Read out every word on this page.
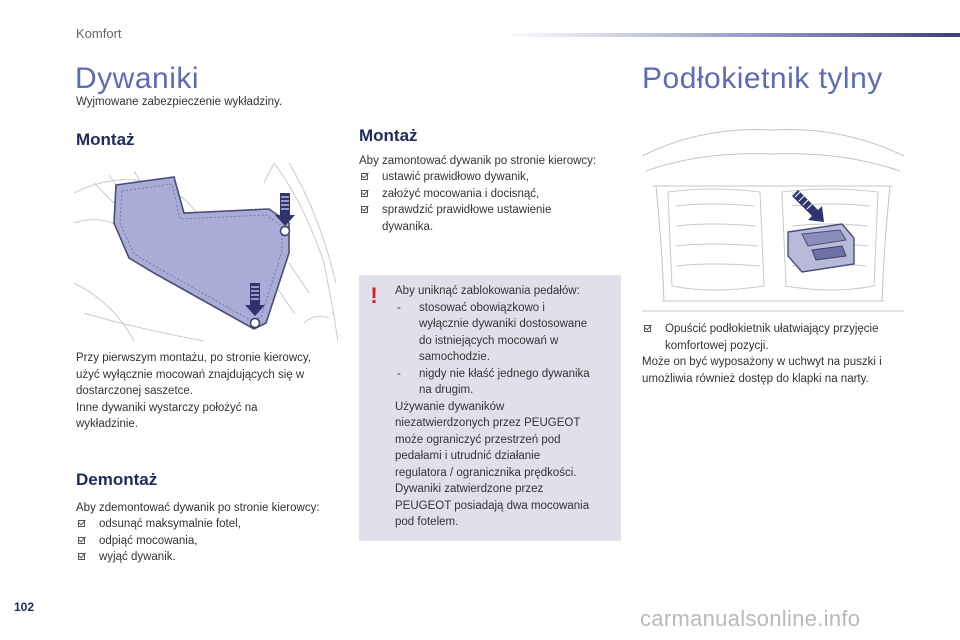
Komfort
Dywaniki
Wyjmowane zabezpieczenie wykładziny.
Montaż
Przy pierwszym montażu, po stronie kierowcy,
użyć wyłącznie mocowań znajdujących się w
dostarczonej saszetce.
Inne dywaniki wystarczy położyć na
wykładzinie.
Demontaż
Aby zdemontować dywanik po stronie kierowcy:
odsunąć maksymalnie fotel,
odpiąć mocowania,
wyjąć dywanik.
Montaż
Aby zamontować dywanik po stronie kierowcy:
ustawić prawidłowo dywanik,
założyć mocowania i docisnąć,
sprawdzić prawidłowe ustawienie
dywanika.
! Aby uniknąć zablokowania pedałów:
- stosować obowiązkowo i
wyłącznie dywaniki dostosowane
do istniejących mocowań w
samochodzie.
- nigdy nie kłaść jednego dywanika
na drugim.
Używanie dywaników
niezatwierdzonych przez PEUGEOT
może ograniczyć przestrzeń pod
pedałami i utrudnić działanie
regulatora / ogranicznika prędkości.
Dywaniki zatwierdzone przez
PEUGEOT posiadają dwa mocowania
pod fotelem.
Podłokietnik tylny
Opuścić podłokietnik ułatwiający przyjęcie
komfortowej pozycji.
Może on być wyposażony w uchwyt na puszki i
umożliwia również dostęp do klapki na narty.
102	carmanualsonline.info
